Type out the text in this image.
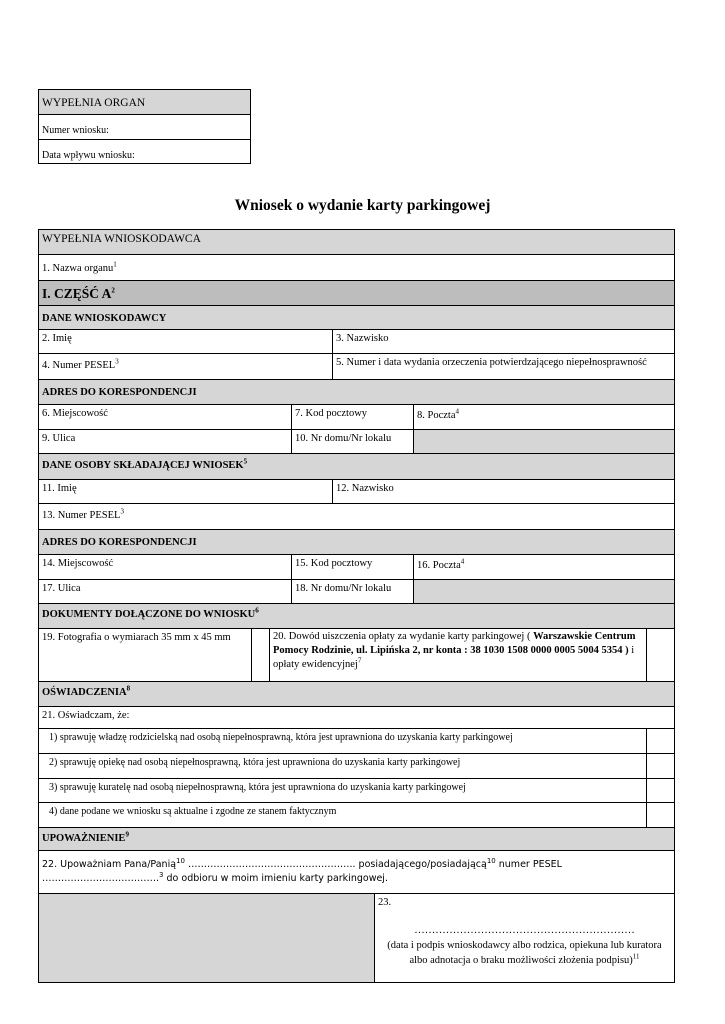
WYPEŁNIA ORGAN
Numer wniosku:
Data wpływu wniosku:
Wniosek o wydanie karty parkingowej
WYPEŁNIA WNIOSKODAWCA
1. Nazwa organu$^1$
I. CZĘŚĆ $A^2$
DANE WNIOSKODAWCY
2. Imię	3. Nazwisko
4. Numer PESEL$^3$	5. Numer i data wydania orzeczenia potwierdzającego niepełnosprawność
ADRES DO KORESPONDENCJI
6. Miejscowość	7. Kod pocztowy	8. Poczta$^4$
9. Ulica	10. Nr domu/Nr lokalu
DANE OSOBY SKŁADAJĄCEJ WNIOSEK$^5$
11. Imię	12. Nazwisko
13. Numer PESEL$^3$
ADRES DO KORESPONDENCJI
14. Miejscowość	15. Kod pocztowy	16. Poczta$^4$
17. Ulica	18. Nr domu/Nr lokalu
DOKUMENTY DOŁĄCZONE DO WNIOSKU$^6$
19. Fotografia o wymiarach 35 mm x 45 mm	20. Dowód uiszczenia opłaty za wydanie karty parkingowej ( Warszawskie Centrum Pomocy Rodzinie, ul. Lipińska 2, nr konta : 38 1030 1508 0000 0005 5004 5354 ) i opłaty ewidencyjnej$^7$
OŚWIADCZENIA$^8$
21. Oświadczam, że:
1) sprawuję władzę rodzicielską nad osobą niepełnosprawną, która jest uprawniona do uzyskania karty parkingowej
2) sprawuję opiekę nad osobą niepełnosprawną, która jest uprawniona do uzyskania karty parkingowej
3) sprawuję kuratelę nad osobą niepełnosprawną, która jest uprawniona do uzyskania karty parkingowej
4) dane podane we wniosku są aktualne i zgodne ze stanem faktycznym
UPOWAŻNIENIE$^9$
22. Upoważniam Pana/Panią$^{10}$ …………………………………………….. posiadającego/posiadającą$^{10}$ numer PESEL ……………………………….$^3$ do odbioru w moim imieniu karty parkingowej.
23.
………………………………………………………
(data i podpis wnioskodawcy albo rodzica, opiekuna lub kuratora
albo adnotacja o braku możliwości złożenia podpisu)$^{11}$
